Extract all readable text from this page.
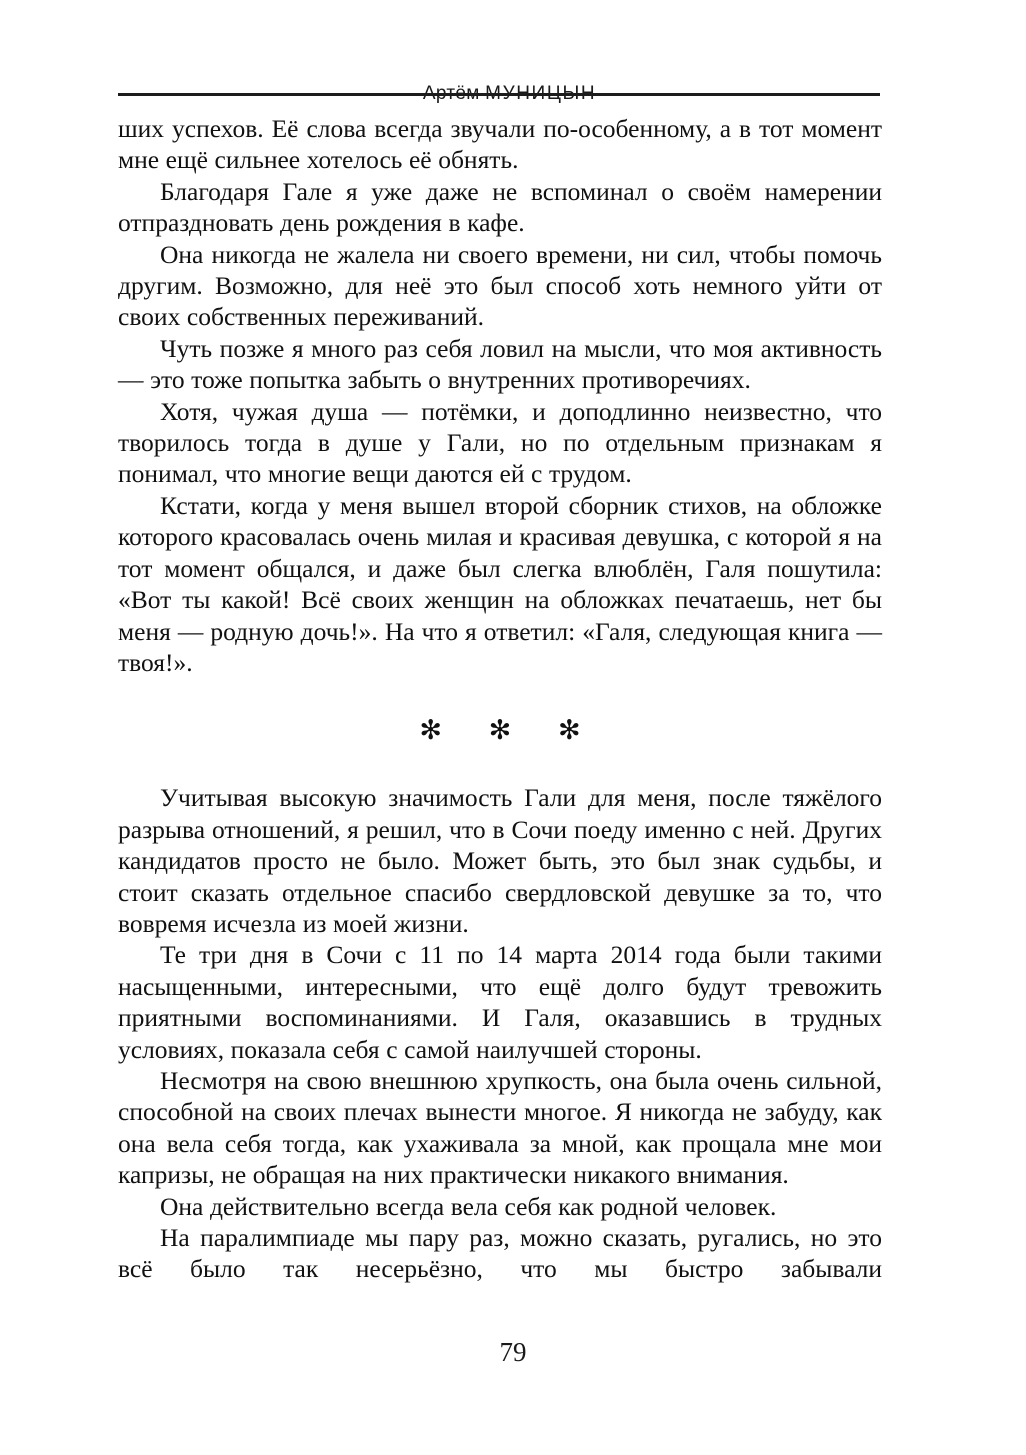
Артём МУНИЦЫН

ших успехов. Её слова всегда звучали по-особенному, а в тот момент мне ещё сильнее хотелось её обнять.

Благодаря Гале я уже даже не вспоминал о своём намерении отпраздновать день рождения в кафе.

Она никогда не жалела ни своего времени, ни сил, чтобы помочь другим. Возможно, для неё это был способ хоть немного уйти от своих собственных переживаний.

Чуть позже я много раз себя ловил на мысли, что моя активность — это тоже попытка забыть о внутренних противоречиях.

Хотя, чужая душа — потёмки, и доподлинно неизвестно, что творилось тогда в душе у Гали, но по отдельным признакам я понимал, что многие вещи даются ей с трудом.

Кстати, когда у меня вышел второй сборник стихов, на обложке которого красовалась очень милая и красивая девушка, с которой я на тот момент общался, и даже был слегка влюблён, Галя пошутила: «Вот ты какой! Всё своих женщин на обложках печатаешь, нет бы меня — родную дочь!». На что я ответил: «Галя, следующая книга — твоя!».

✻ ✻ ✻

Учитывая высокую значимость Гали для меня, после тяжёлого разрыва отношений, я решил, что в Сочи поеду именно с ней. Других кандидатов просто не было. Может быть, это был знак судьбы, и стоит сказать отдельное спасибо свердловской девушке за то, что вовремя исчезла из моей жизни.

Те три дня в Сочи с 11 по 14 марта 2014 года были такими насыщенными, интересными, что ещё долго будут тревожить приятными воспоминаниями. И Галя, оказавшись в трудных условиях, показала себя с самой наилучшей стороны.

Несмотря на свою внешнюю хрупкость, она была очень сильной, способной на своих плечах вынести многое. Я никогда не забуду, как она вела себя тогда, как ухаживала за мной, как прощала мне мои капризы, не обращая на них практически никакого внимания.

Она действительно всегда вела себя как родной человек.

На паралимпиаде мы пару раз, можно сказать, ругались, но это всё было так несерьёзно, что мы быстро забывали

79
